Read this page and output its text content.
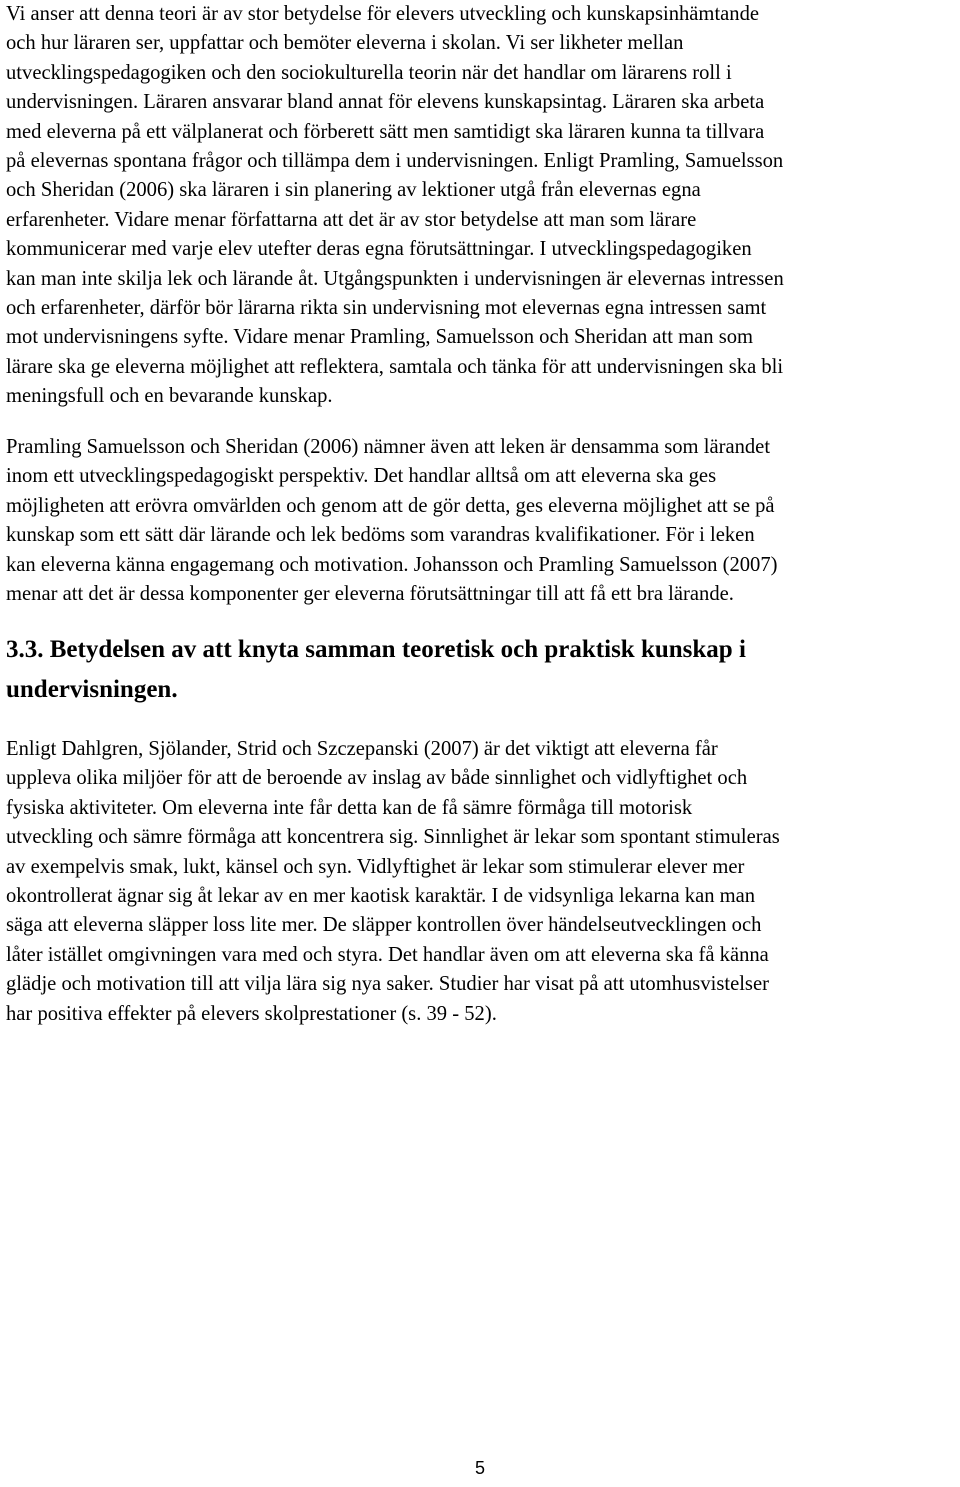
Vi anser att denna teori är av stor betydelse för elevers utveckling och kunskapsinhämtande
och hur läraren ser, uppfattar och bemöter eleverna i skolan. Vi ser likheter mellan
utvecklingspedagogiken och den sociokulturella teorin när det handlar om lärarens roll i
undervisningen. Läraren ansvarar bland annat för elevens kunskapsintag. Läraren ska arbeta
med eleverna på ett välplanerat och förberett sätt men samtidigt ska läraren kunna ta tillvara
på elevernas spontana frågor och tillämpa dem i undervisningen. Enligt Pramling, Samuelsson
och Sheridan (2006) ska läraren i sin planering av lektioner utgå från elevernas egna
erfarenheter. Vidare menar författarna att det är av stor betydelse att man som lärare
kommunicerar med varje elev utefter deras egna förutsättningar. I utvecklingspedagogiken
kan man inte skilja lek och lärande åt. Utgångspunkten i undervisningen är elevernas intressen
och erfarenheter, därför bör lärarna rikta sin undervisning mot elevernas egna intressen samt
mot undervisningens syfte. Vidare menar Pramling, Samuelsson och Sheridan att man som
lärare ska ge eleverna möjlighet att reflektera, samtala och tänka för att undervisningen ska bli
meningsfull och en bevarande kunskap.

Pramling Samuelsson och Sheridan (2006) nämner även att leken är densamma som lärandet
inom ett utvecklingspedagogiskt perspektiv. Det handlar alltså om att eleverna ska ges
möjligheten att erövra omvärlden och genom att de gör detta, ges eleverna möjlighet att se på
kunskap som ett sätt där lärande och lek bedöms som varandras kvalifikationer. För i leken
kan eleverna känna engagemang och motivation. Johansson och Pramling Samuelsson (2007)
menar att det är dessa komponenter ger eleverna förutsättningar till att få ett bra lärande.

3.3. Betydelsen av att knyta samman teoretisk och praktisk kunskap i
undervisningen.

Enligt Dahlgren, Sjölander, Strid och Szczepanski (2007) är det viktigt att eleverna får
uppleva olika miljöer för att de beroende av inslag av både sinnlighet och vidlyftighet och
fysiska aktiviteter. Om eleverna inte får detta kan de få sämre förmåga till motorisk
utveckling och sämre förmåga att koncentrera sig. Sinnlighet är lekar som spontant stimuleras
av exempelvis smak, lukt, känsel och syn. Vidlyftighet är lekar som stimulerar elever mer
okontrollerat ägnar sig åt lekar av en mer kaotisk karaktär. I de vidsynliga lekarna kan man
säga att eleverna släpper loss lite mer. De släpper kontrollen över händelseutvecklingen och
låter istället omgivningen vara med och styra. Det handlar även om att eleverna ska få känna
glädje och motivation till att vilja lära sig nya saker. Studier har visat på att utomhusvistelser
har positiva effekter på elevers skolprestationer (s. 39 - 52).

5
